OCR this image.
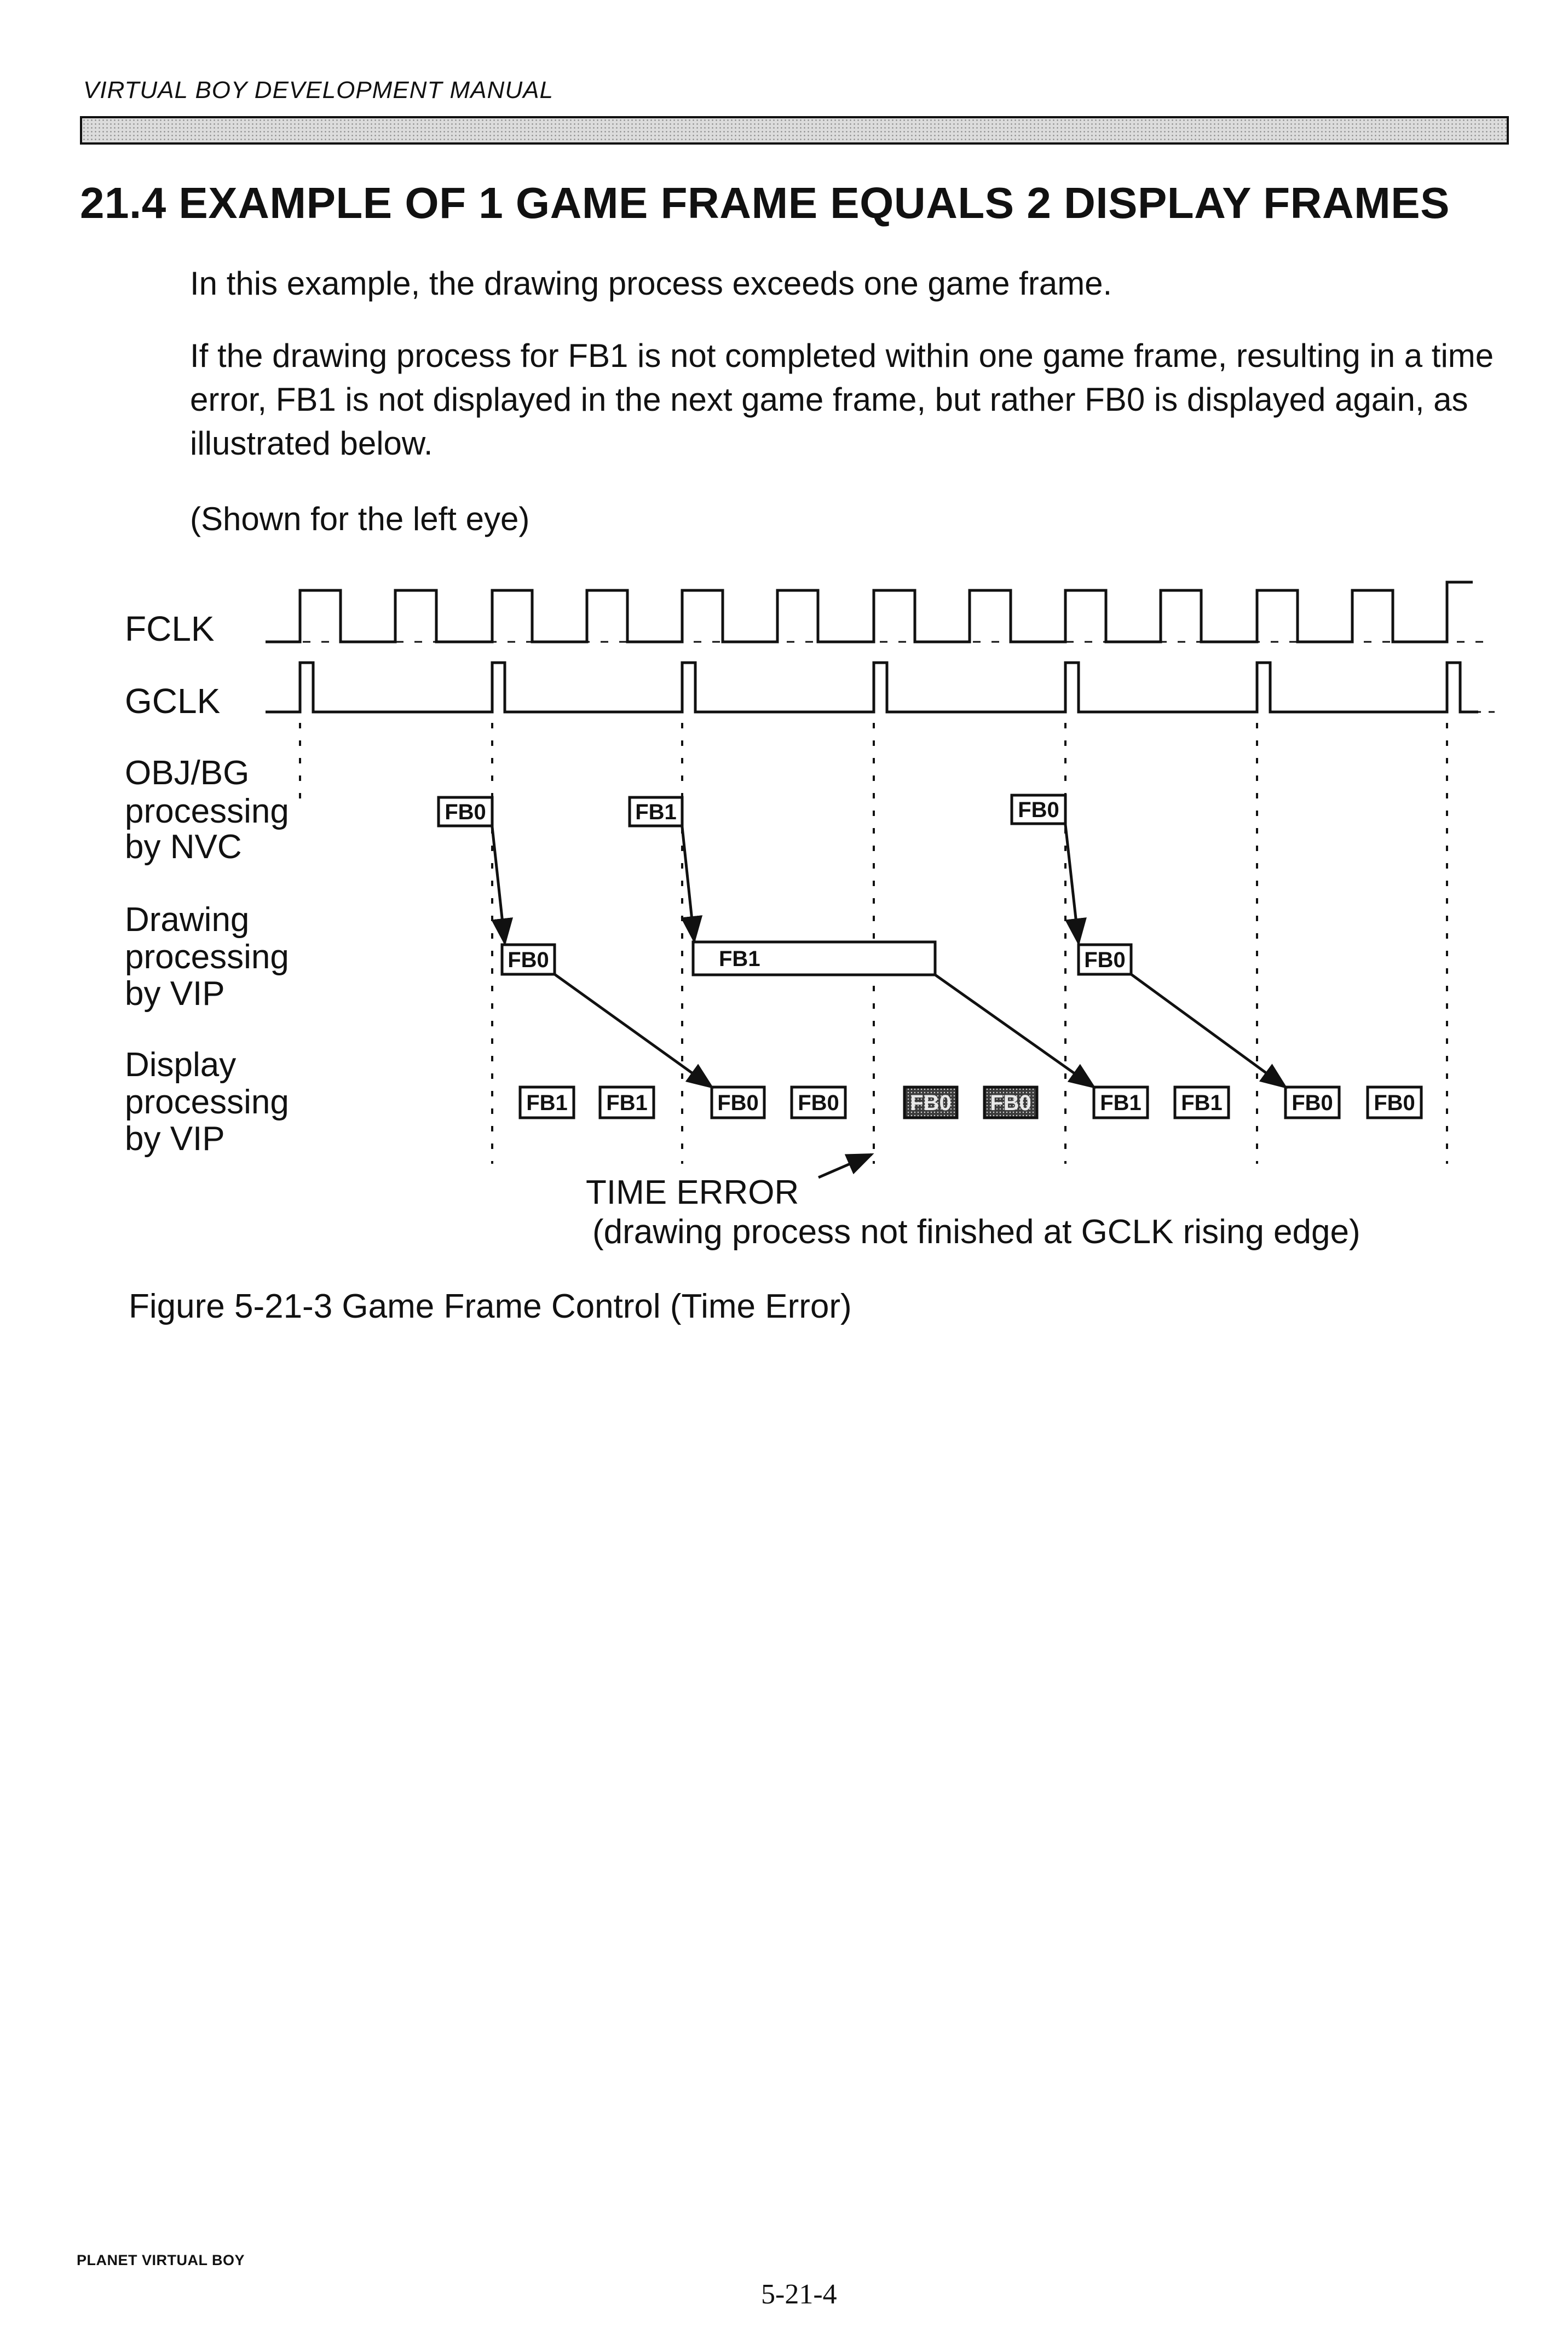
VIRTUAL BOY DEVELOPMENT MANUAL
21.4 EXAMPLE OF 1 GAME FRAME EQUALS 2 DISPLAY FRAMES

In this example, the drawing process exceeds one game frame.

If the drawing process for FB1 is not completed within one game frame, resulting in a time error, FB1 is not displayed in the next game frame, but rather FB0 is displayed again, as illustrated below.

(Shown for the left eye)

FCLK
GCLK
OBJ/BG
processing
by NVC
Drawing
processing
by VIP
Display
processing
by VIP
FB0	FB1	FB0
FB0	FB1	FB0
FB1 FB1	FB0 FB0	FB0 FB0	FB1 FB1	FB0 FB0
TIME ERROR
(drawing process not finished at GCLK rising edge)
Figure 5-21-3 Game Frame Control (Time Error)
PLANET VIRTUAL BOY
5-21-4
